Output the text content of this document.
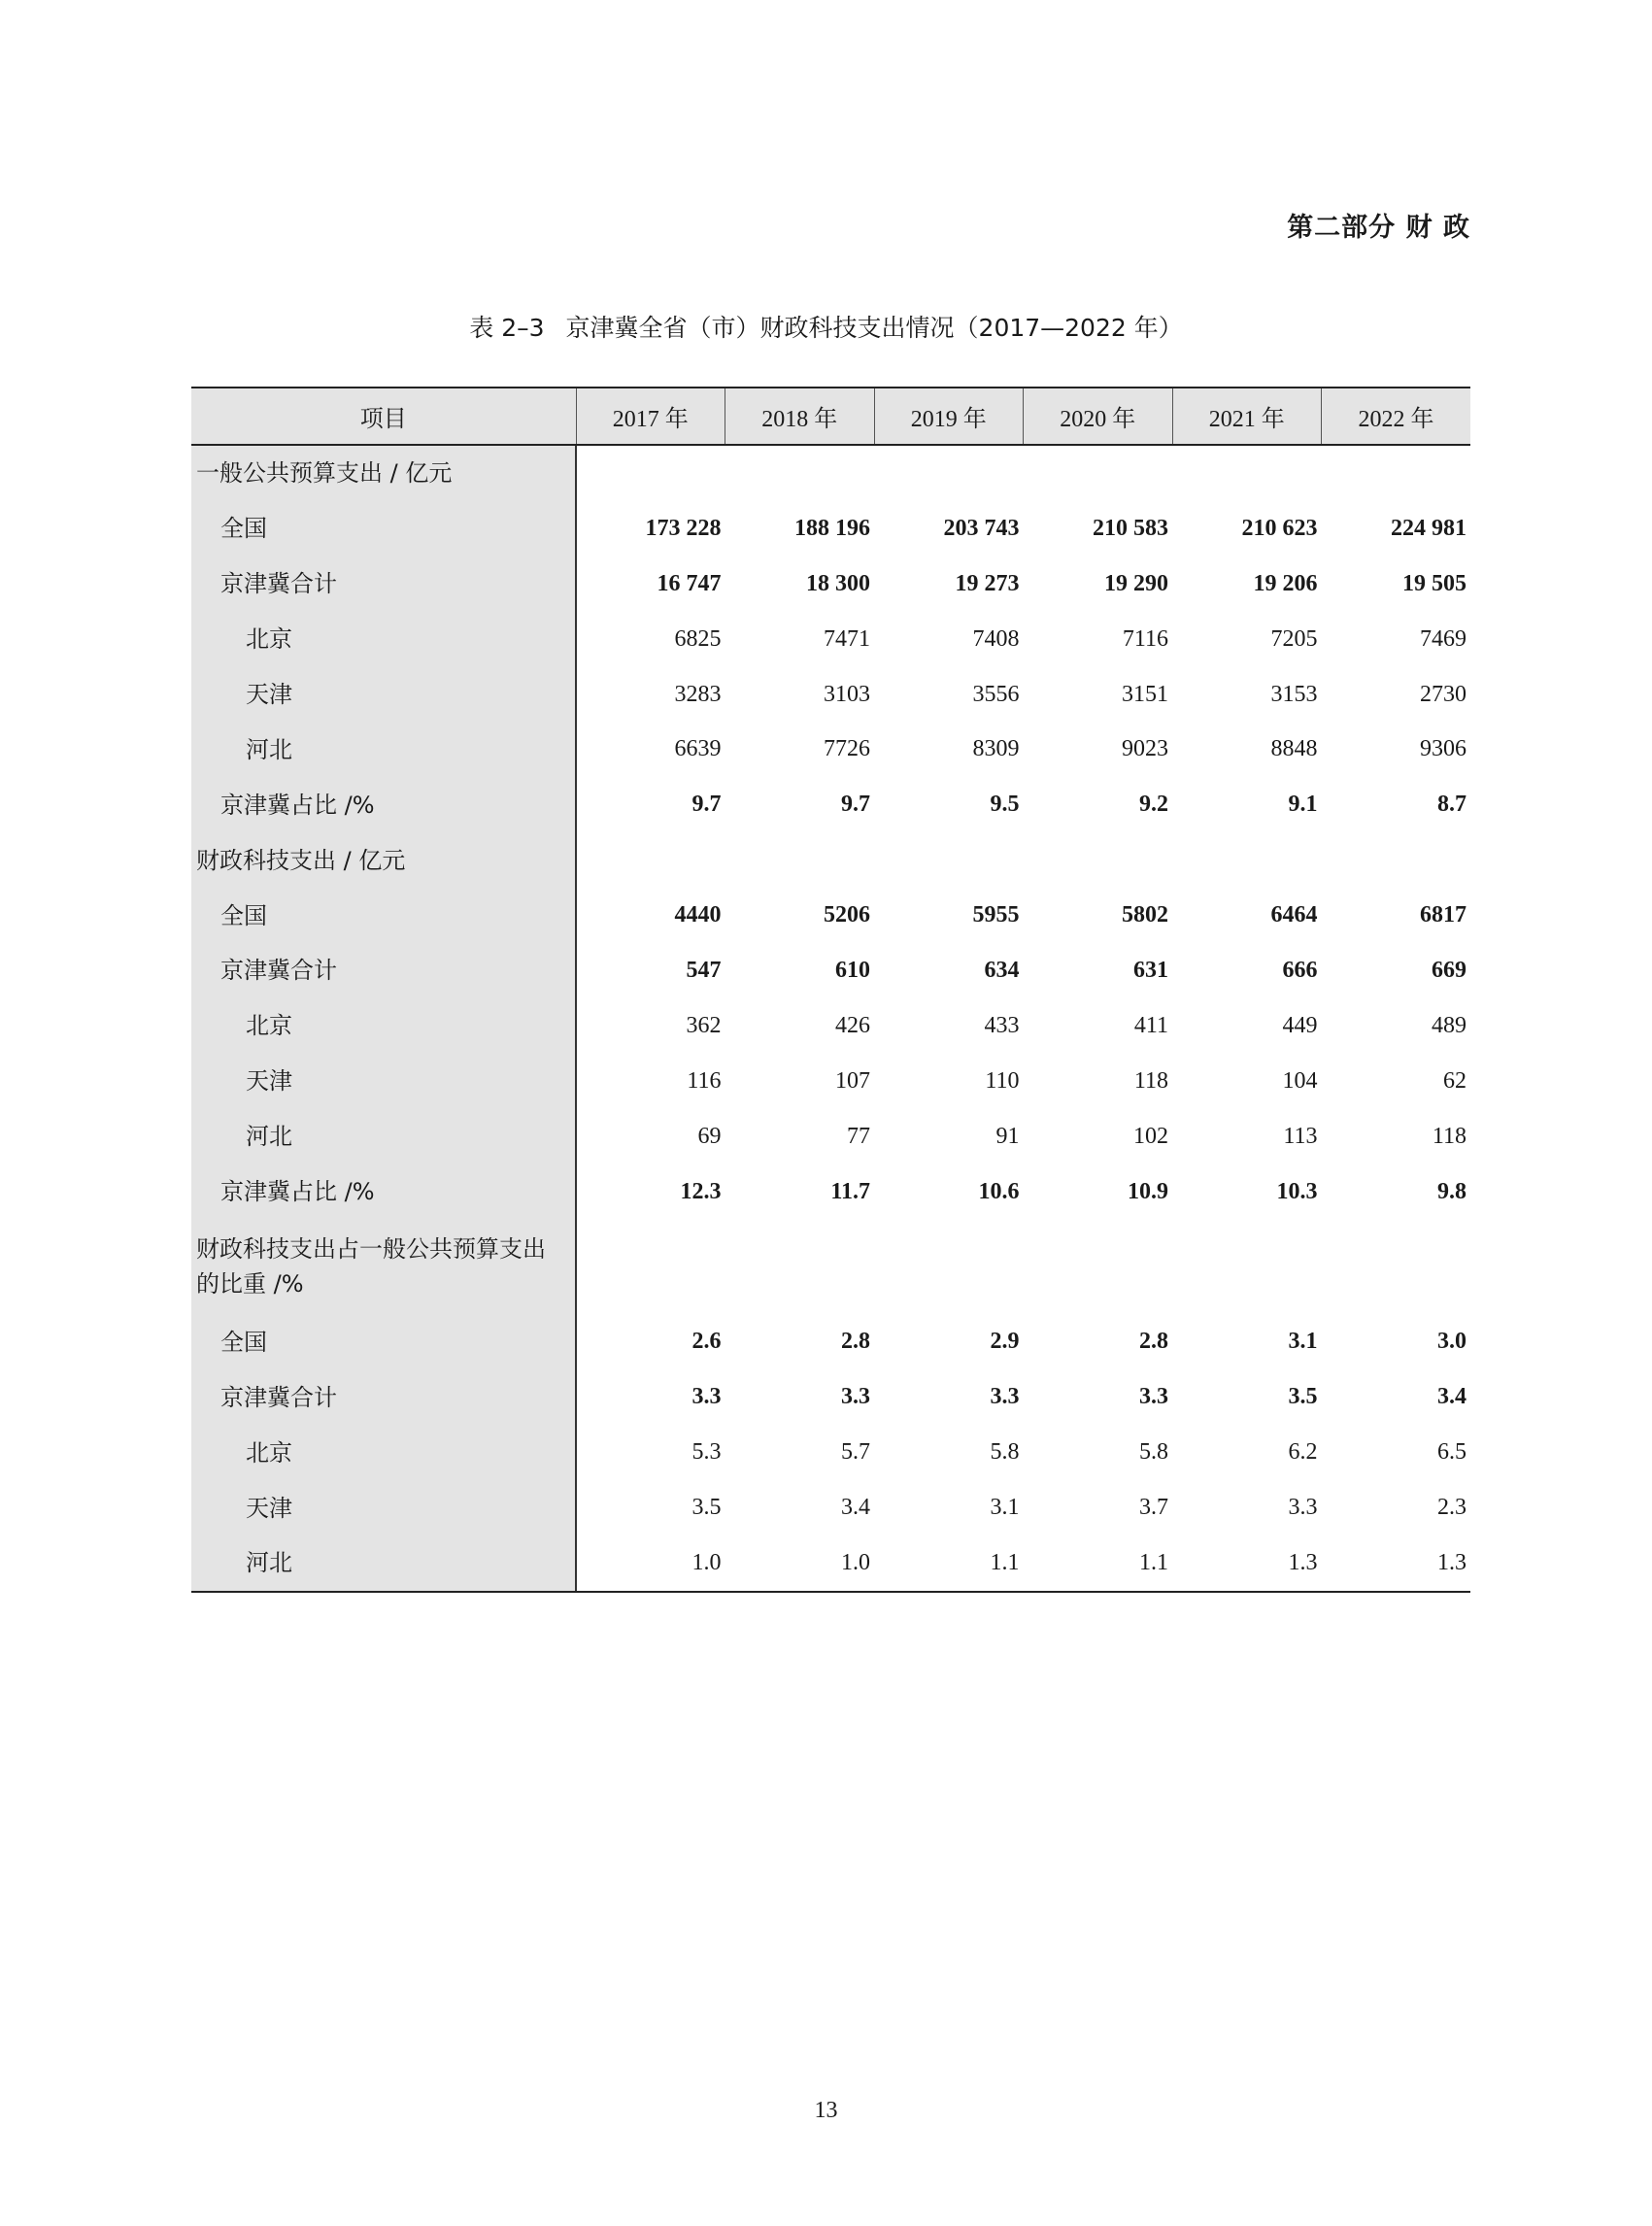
第二部分 财 政
表 2–3 京津冀全省（市）财政科技支出情况（2017—2022 年）
项目	2017 年	2018 年	2019 年	2020 年	2021 年	2022 年
一般公共预算支出 / 亿元						
全国	173 228	188 196	203 743	210 583	210 623	224 981
京津冀合计	16 747	18 300	19 273	19 290	19 206	19 505
北京	6825	7471	7408	7116	7205	7469
天津	3283	3103	3556	3151	3153	2730
河北	6639	7726	8309	9023	8848	9306
京津冀占比 /%	9.7	9.7	9.5	9.2	9.1	8.7
财政科技支出 / 亿元						
全国	4440	5206	5955	5802	6464	6817
京津冀合计	547	610	634	631	666	669
北京	362	426	433	411	449	489
天津	116	107	110	118	104	62
河北	69	77	91	102	113	118
京津冀占比 /%	12.3	11.7	10.6	10.9	10.3	9.8
财政科技支出占一般公共预算支出的比重 /%						
全国	2.6	2.8	2.9	2.8	3.1	3.0
京津冀合计	3.3	3.3	3.3	3.3	3.5	3.4
北京	5.3	5.7	5.8	5.8	6.2	6.5
天津	3.5	3.4	3.1	3.7	3.3	2.3
河北	1.0	1.0	1.1	1.1	1.3	1.3
13
